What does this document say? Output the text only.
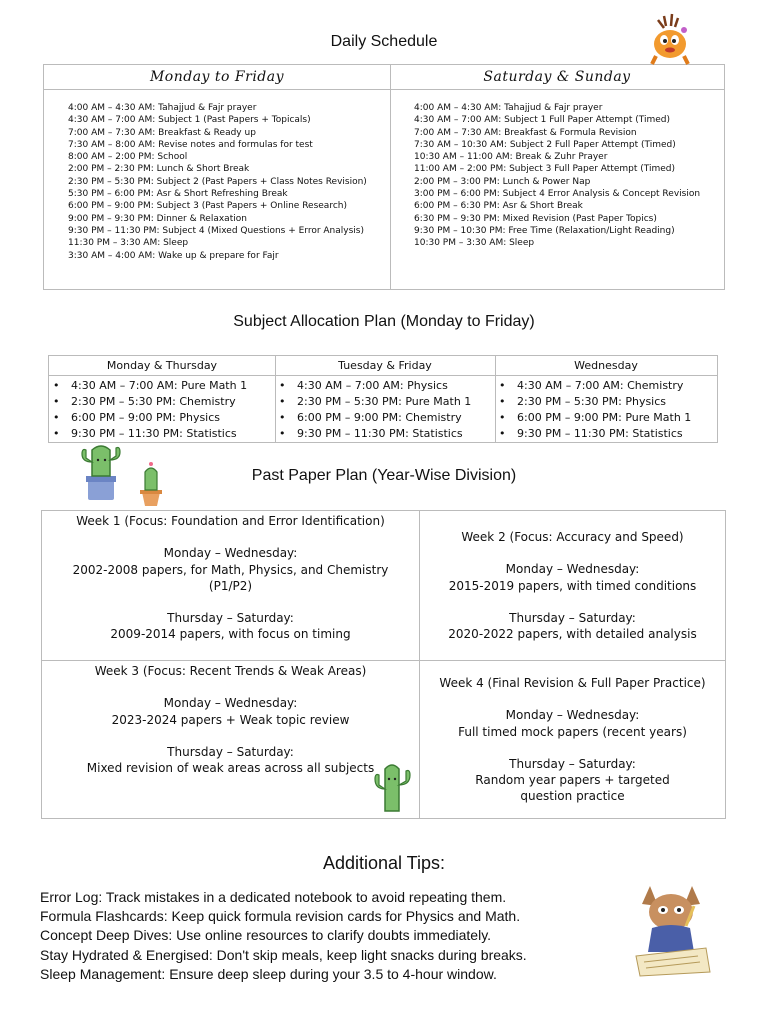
Daily Schedule
Monday to Friday
4:00 AM – 4:30 AM: Tahajjud & Fajr prayer
4:30 AM – 7:00 AM: Subject 1 (Past Papers + Topicals)
7:00 AM – 7:30 AM: Breakfast & Ready up
7:30 AM – 8:00 AM: Revise notes and formulas for test
8:00 AM – 2:00 PM: School
2:00 PM – 2:30 PM: Lunch & Short Break
2:30 PM – 5:30 PM: Subject 2 (Past Papers + Class Notes Revision)
5:30 PM – 6:00 PM: Asr & Short Refreshing Break
6:00 PM – 9:00 PM: Subject 3 (Past Papers + Online Research)
9:00 PM – 9:30 PM: Dinner & Relaxation
9:30 PM – 11:30 PM: Subject 4 (Mixed Questions + Error Analysis)
11:30 PM – 3:30 AM: Sleep
3:30 AM – 4:00 AM: Wake up & prepare for Fajr
Saturday & Sunday
4:00 AM – 4:30 AM: Tahajjud & Fajr prayer
4:30 AM – 7:00 AM: Subject 1 Full Paper Attempt (Timed)
7:00 AM – 7:30 AM: Breakfast & Formula Revision
7:30 AM – 10:30 AM: Subject 2 Full Paper Attempt (Timed)
10:30 AM – 11:00 AM: Break & Zuhr Prayer
11:00 AM – 2:00 PM: Subject 3 Full Paper Attempt (Timed)
2:00 PM – 3:00 PM: Lunch & Power Nap
3:00 PM – 6:00 PM: Subject 4 Error Analysis & Concept Revision
6:00 PM – 6:30 PM: Asr & Short Break
6:30 PM – 9:30 PM: Mixed Revision (Past Paper Topics)
9:30 PM – 10:30 PM: Free Time (Relaxation/Light Reading)
10:30 PM – 3:30 AM: Sleep
Subject Allocation Plan (Monday to Friday)
Monday & Thursday
• 4:30 AM – 7:00 AM: Pure Math 1
• 2:30 PM – 5:30 PM: Chemistry
• 6:00 PM – 9:00 PM: Physics
• 9:30 PM – 11:30 PM: Statistics
Tuesday & Friday
• 4:30 AM – 7:00 AM: Physics
• 2:30 PM – 5:30 PM: Pure Math 1
• 6:00 PM – 9:00 PM: Chemistry
• 9:30 PM – 11:30 PM: Statistics
Wednesday
• 4:30 AM – 7:00 AM: Chemistry
• 2:30 PM – 5:30 PM: Physics
• 6:00 PM – 9:00 PM: Pure Math 1
• 9:30 PM – 11:30 PM: Statistics
Past Paper Plan (Year-Wise Division)

Week 1 (Focus: Foundation and Error Identification)

Monday – Wednesday:

2002-2008 papers, for Math, Physics, and Chemistry (P1/P2)

Thursday – Saturday:

2009-2014 papers, with focus on timing

Week 2 (Focus: Accuracy and Speed)

Monday – Wednesday:

2015-2019 papers, with timed conditions

Thursday – Saturday:

2020-2022 papers, with detailed analysis

Week 3 (Focus: Recent Trends & Weak Areas)

Monday – Wednesday:

2023-2024 papers + Weak topic review

Thursday – Saturday:

Mixed revision of weak areas across all subjects

Week 4 (Final Revision & Full Paper Practice)

Monday – Wednesday:

Full timed mock papers (recent years)

Thursday – Saturday:

Random year papers + targeted question practice

Additional Tips:
Error Log: Track mistakes in a dedicated notebook to avoid repeating them.
Formula Flashcards: Keep quick formula revision cards for Physics and Math.
Concept Deep Dives: Use online resources to clarify doubts immediately.
Stay Hydrated & Energised: Don't skip meals, keep light snacks during breaks.
Sleep Management: Ensure deep sleep during your 3.5 to 4-hour window.
